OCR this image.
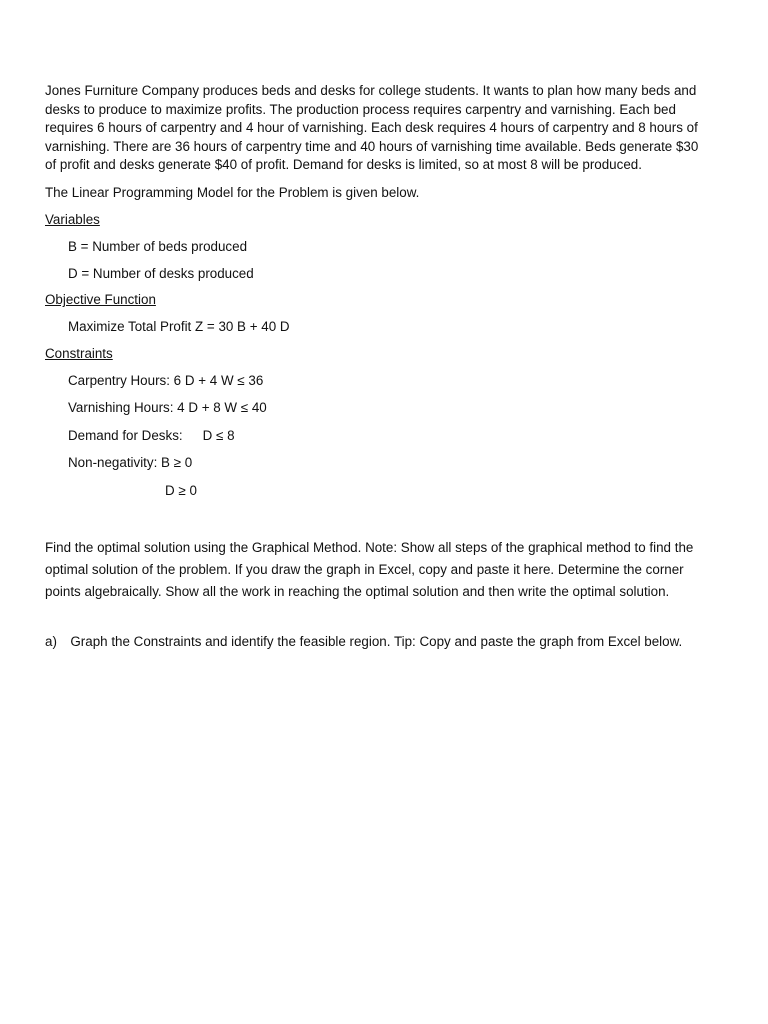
Jones Furniture Company produces beds and desks for college students. It wants to plan how many beds and
desks to produce to maximize profits. The production process requires carpentry and varnishing. Each bed
requires 6 hours of carpentry and 4 hour of varnishing. Each desk requires 4 hours of carpentry and 8 hours of
varnishing. There are 36 hours of carpentry time and 40 hours of varnishing time available. Beds generate $30
of profit and desks generate $40 of profit. Demand for desks is limited, so at most 8 will be produced.
The Linear Programming Model for the Problem is given below.
Variables
B = Number of beds produced
D = Number of desks produced
Objective Function
Maximize Total Profit Z = 30 B + 40 D
Constraints
Carpentry Hours: 6 D + 4 W ≤ 36
Varnishing Hours: 4 D + 8 W ≤ 40
Demand for Desks: D ≤ 8
Non-negativity: B ≥ 0
D ≥ 0
Find the optimal solution using the Graphical Method. Note: Show all steps of the graphical method to find the
optimal solution of the problem. If you draw the graph in Excel, copy and paste it here. Determine the corner
points algebraically. Show all the work in reaching the optimal solution and then write the optimal solution.
a) Graph the Constraints and identify the feasible region. Tip: Copy and paste the graph from Excel below.
